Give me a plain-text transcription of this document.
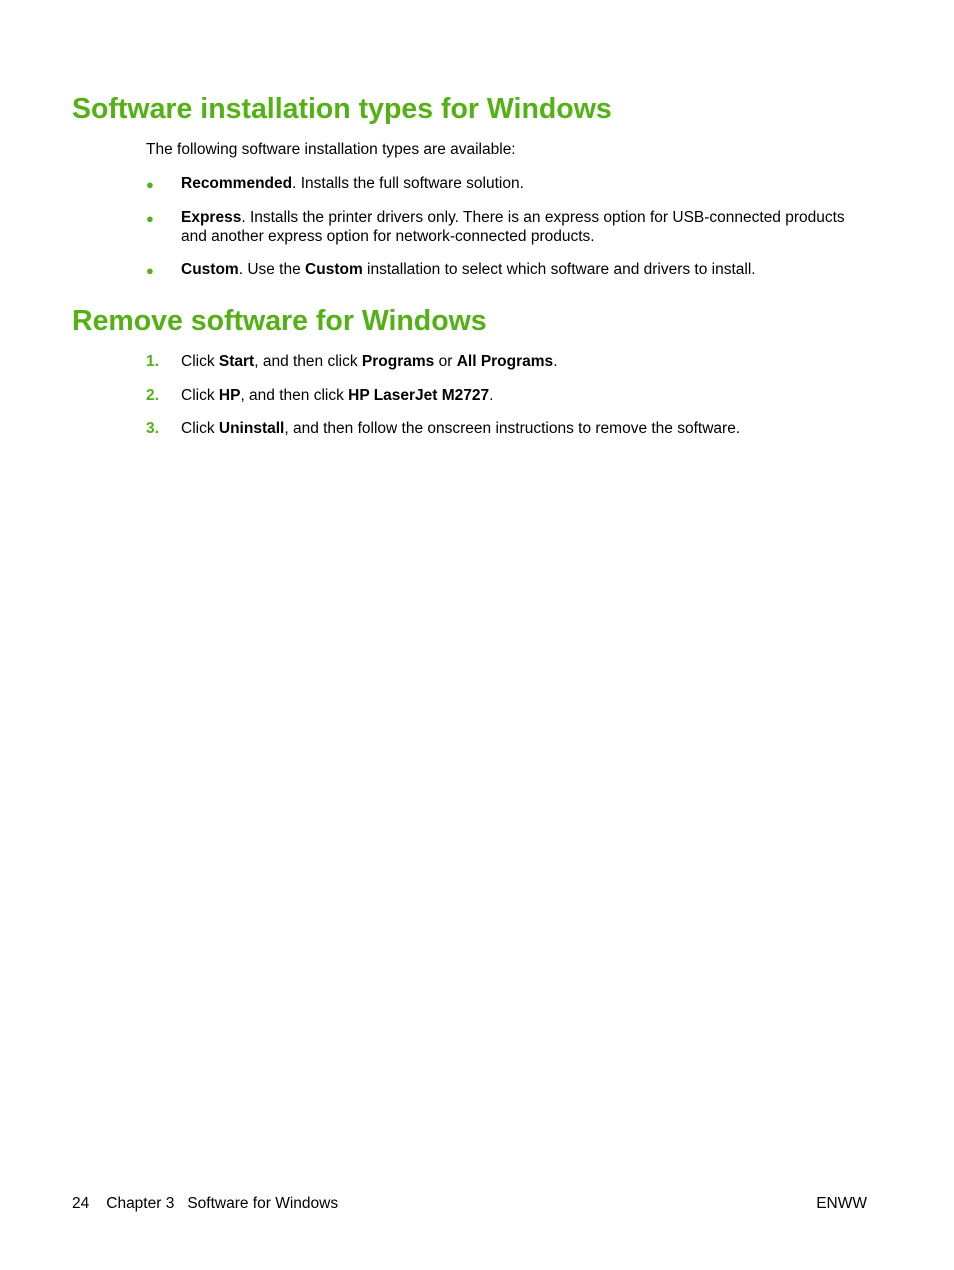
Software installation types for Windows

The following software installation types are available:

● Recommended. Installs the full software solution.
● Express. Installs the printer drivers only. There is an express option for USB-connected products and another express option for network-connected products.
● Custom. Use the Custom installation to select which software and drivers to install.
Remove software for Windows
1. Click Start, and then click Programs or All Programs.
2. Click HP, and then click HP LaserJet M2727.
3. Click Uninstall, and then follow the onscreen instructions to remove the software.
24 Chapter 3 Software for Windows	ENWW
